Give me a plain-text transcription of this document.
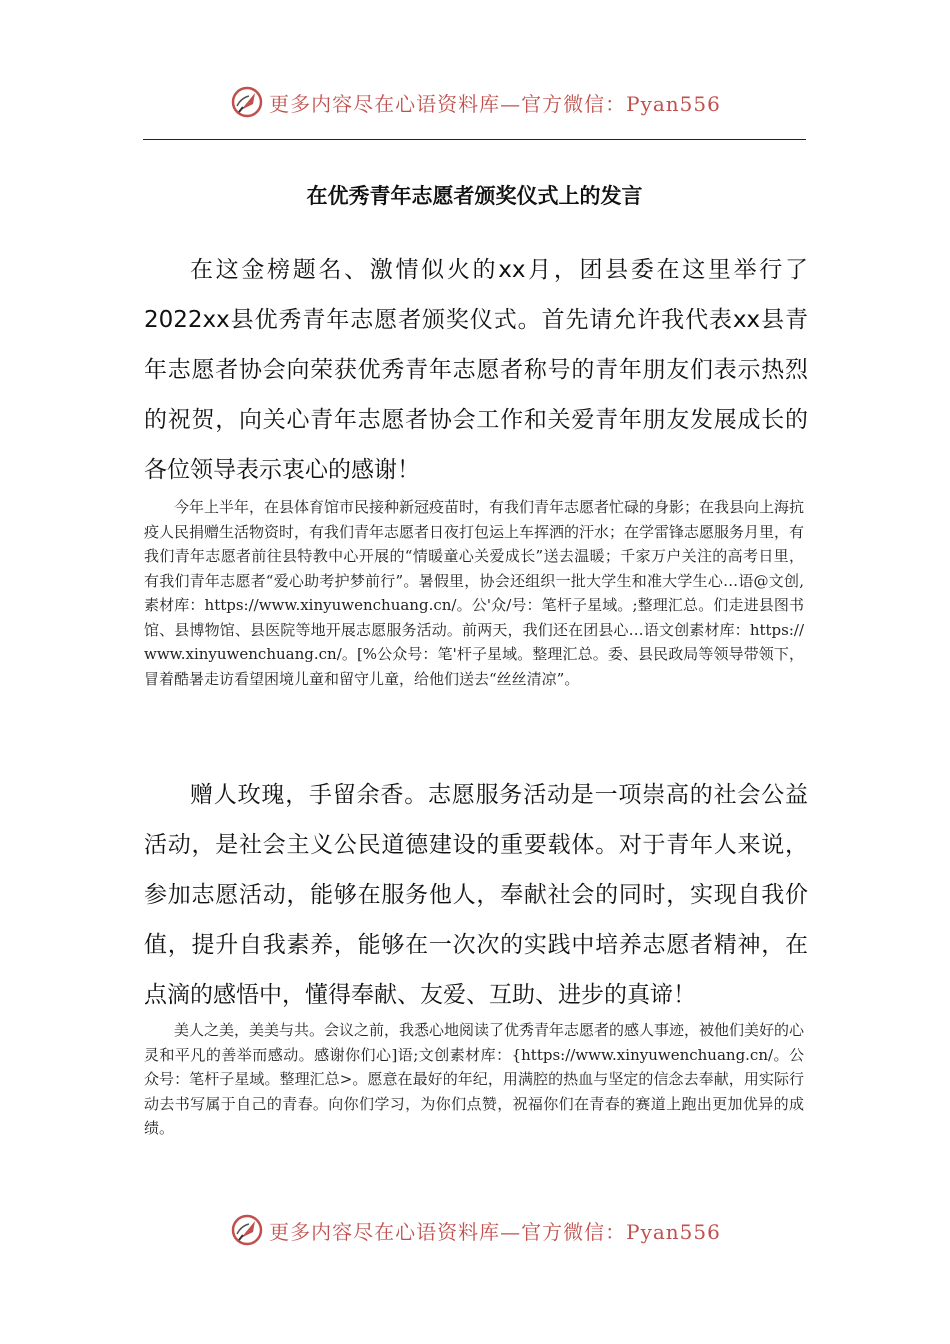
更多内容尽在心语资料库—官方微信：Pyan556
在优秀青年志愿者颁奖仪式上的发言

在这金榜题名、激情似火的xx月，团县委在这里举行了2022xx县优秀青年志愿者颁奖仪式。首先请允许我代表xx县青年志愿者协会向荣获优秀青年志愿者称号的青年朋友们表示热烈的祝贺，向关心青年志愿者协会工作和关爱青年朋友发展成长的各位领导表示衷心的感谢！

今年上半年，在县体育馆市民接种新冠疫苗时，有我们青年志愿者忙碌的身影；在我县向上海抗疫人民捐赠生活物资时，有我们青年志愿者日夜打包运上车挥洒的汗水；在学雷锋志愿服务月里，有我们青年志愿者前往县特教中心开展的“情暖童心关爱成长”送去温暖；千家万户关注的高考日里，有我们青年志愿者“爱心助考护梦前行”。暑假里，协会还组织一批大学生和准大学生心…语@文创,素材库：https://www.xinyuwenchuang.cn/。公'众/号：笔杆子星域。;整理汇总。们走进县图书馆、县博物馆、县医院等地开展志愿服务活动。前两天，我们还在团县心…语文创素材库：https://www.xinyuwenchuang.cn/。[%公众号：笔'杆子星域。整理汇总。委、县民政局等领导带领下，冒着酷暑走访看望困境儿童和留守儿童，给他们送去“丝丝清凉”。

赠人玫瑰，手留余香。志愿服务活动是一项崇高的社会公益活动，是社会主义公民道德建设的重要载体。对于青年人来说，参加志愿活动，能够在服务他人，奉献社会的同时，实现自我价值，提升自我素养，能够在一次次的实践中培养志愿者精神，在点滴的感悟中，懂得奉献、友爱、互助、进步的真谛！

美人之美，美美与共。会议之前，我悉心地阅读了优秀青年志愿者的感人事迹，被他们美好的心灵和平凡的善举而感动。感谢你们心]语;文创素材库：{https://www.xinyuwenchuang.cn/。公众号：笔杆子星域。整理汇总>。愿意在最好的年纪，用满腔的热血与坚定的信念去奉献，用实际行动去书写属于自己的青春。向你们学习，为你们点赞，祝福你们在青春的赛道上跑出更加优异的成绩。

更多内容尽在心语资料库—官方微信：Pyan556
